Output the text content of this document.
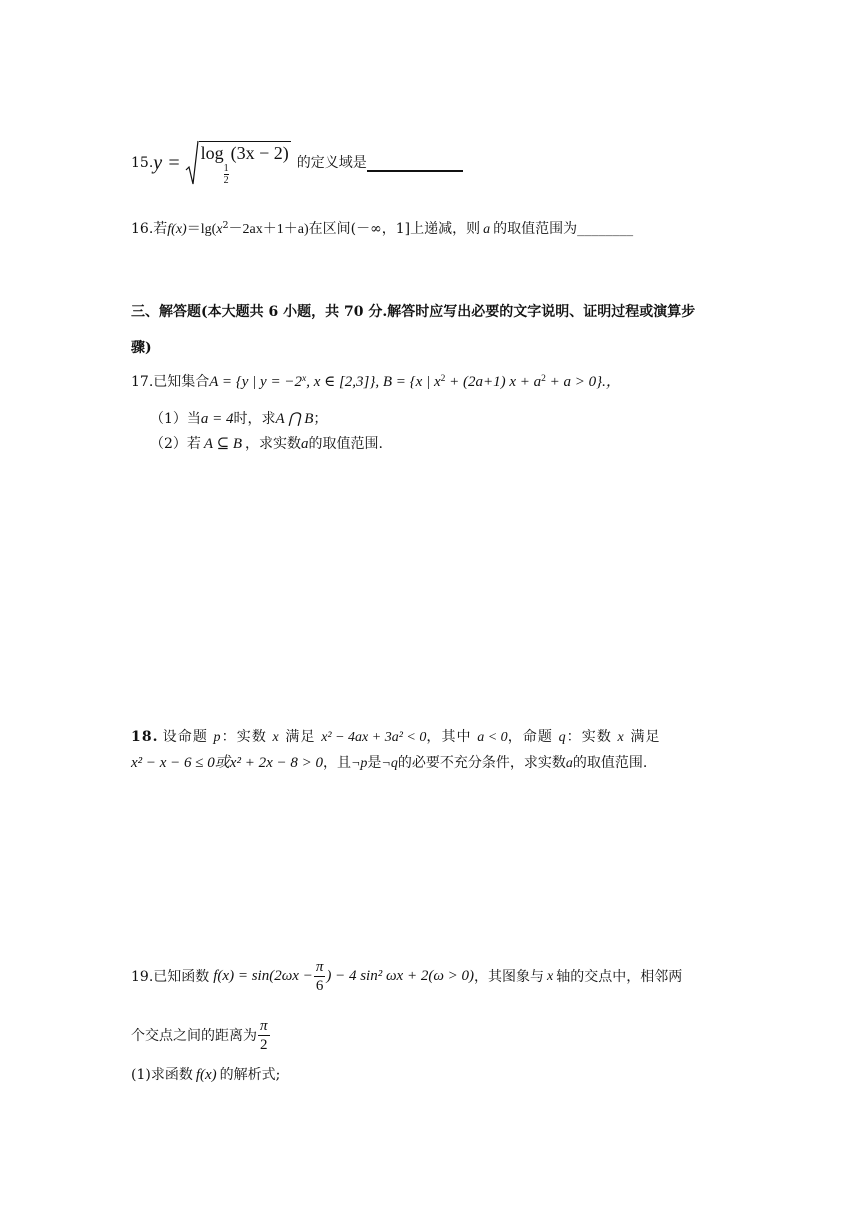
15. y = log
$\frac{1}{2}$
(3x − 2) 的定义域是
16.若$f(x)=\lg(x^2-2ax+1+a)$在区间(－∞，1]上递减，则 a 的取值范围为________
三、解答题(本大题共 6 小题，共 70 分.解答时应写出必要的文字说明、证明过程或演算步
骤)
17.已知集合A = {y | $y = -2^x$, x ∈ [2,3]}, B = {x | $x^2 + (2a+1) x + a^2 + a > 0$}.，
（1）当a = 4时，求A ⋂ B；
（2）若 A ⊆ B ，求实数a的取值范围.
18. 设命题 p：实数 x 满足 x² − 4ax + 3a² < 0，其中 a < 0，命题 q：实数 x 满足
x² − x − 6 ≤ 0或x² + 2x − 8 > 0，且¬p是¬q的必要不充分条件，求实数a的取值范围.
19.已知函数 $f(x) = \sin(2\omega x - \frac{\pi}{6}$ ) − 4 sin² ωx + 2(ω > 0) ，其图象与 x 轴的交点中，相邻两
个交点之间的距离为 $\frac{\pi}{2}$
(1)求函数 f(x) 的解析式;
